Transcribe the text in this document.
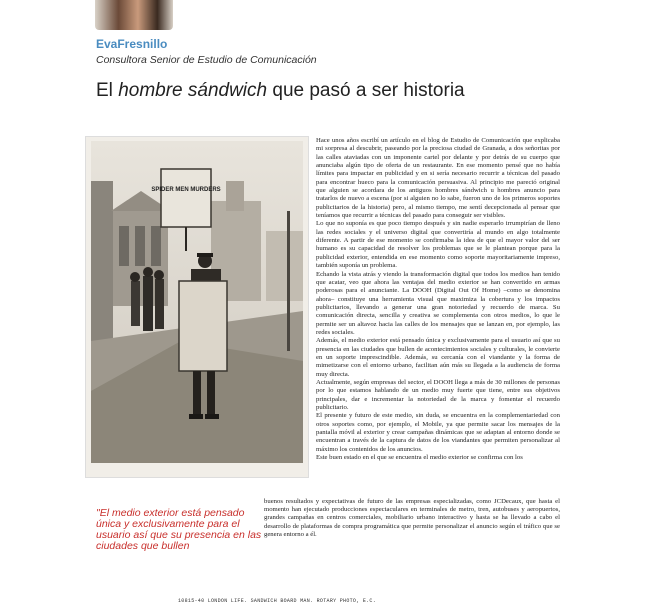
EvaFresnillo
Consultora Senior de Estudio de Comunicación
El hombre sándwich que pasó a ser historia
SPIDER MEN MURDERS
10815-40 LONDON LIFE. SANDWICH BOARD MAN. ROTARY PHOTO, E.C.

Hace unos años escribí un artículo en el blog de Estudio de Comunicación que explicaba mi sorpresa al descubrir, paseando por la preciosa ciudad de Granada, a dos señoritas por las calles ataviadas con un imponente cartel por delante y por detrás de su cuerpo que anunciaba algún tipo de oferta de un restaurante. En ese momento pensé que no había límites para impactar en publicidad y en si sería necesario recurrir a técnicas del pasado para encontrar hueco para la comunicación persuasiva. Al principio me pareció original que alguien se acordara de los antiguos hombres sándwich u hombres anuncio para tratarlos de nuevo a escena (por si alguien no lo sabe, fueron uno de los primeros soportes publicitarios de la historia) pero, al mismo tiempo, me sentí decepcionada al pensar que teníamos que recurrir a técnicas del pasado para conseguir ser visibles.

Lo que no suponía es que poco tiempo después y sin nadie esperarlo irrumpirían de lleno las redes sociales y el universo digital que convertiría al mundo en algo totalmente diferente. A partir de ese momento se confirmaba la idea de que el mayor valor del ser humano es su capacidad de resolver los problemas que se le plantean porque para la publicidad exterior, entendida en ese momento como soporte mayoritariamente impreso, también suponía un problema.

Echando la vista atrás y viendo la transformación digital que todos los medios han tenido que acatar, veo que ahora las ventajas del medio exterior se han convertido en armas poderosas para el anunciante. La DOOH (Digital Out Of Home) –como se denomina ahora– constituye una herramienta visual que maximiza la cobertura y los impactos publicitarios, llevando a generar una gran notoriedad y recuerdo de marca. Su comunicación directa, sencilla y creativa se complementa con otros medios, lo que le permite ser un altavoz hacia las calles de los mensajes que se lanzan en, por ejemplo, las redes sociales.

Además, el medio exterior está pensado única y exclusivamente para el usuario así que su presencia en las ciudades que bullen de acontecimientos sociales y culturales, le convierte en un soporte imprescindible. Además, su cercanía con el viandante y la forma de mimetizarse con el entorno urbano, facilitan aún más su llegada a la audiencia de forma muy directa.

Actualmente, según empresas del sector, el DOOH llega a más de 30 millones de personas por lo que estamos hablando de un medio muy fuerte que tiene, entre sus objetivos principales, dar e incrementar la notoriedad de la marca y fomentar el recuerdo publicitario.

El presente y futuro de este medio, sin duda, se encuentra en la complementariedad con otros soportes como, por ejemplo, el Mobile, ya que permite sacar los mensajes de la pantalla móvil al exterior y crear campañas dinámicas que se adaptan al entorno donde se encuentran a través de la captura de datos de los viandantes que permiten personalizar al máximo los contenidos de los anuncios.

Este buen estado en el que se encuentra el medio exterior se confirma con los

buenos resultados y expectativas de futuro de las empresas especializadas, como JCDecaux, que hasta el momento han ejecutado producciones espectaculares en terminales de metro, tren, autobuses y aeropuertos, grandes campañas en centros comerciales, mobiliario urbano interactivo y hasta se ha llevado a cabo el desarrollo de plataformas de compra programática que permite personalizar el anuncio según el tráfico que se genera entorno a él.

"El medio exterior está pensado única y exclusivamente para el usuario así que su presencia en las ciudades que bullen
